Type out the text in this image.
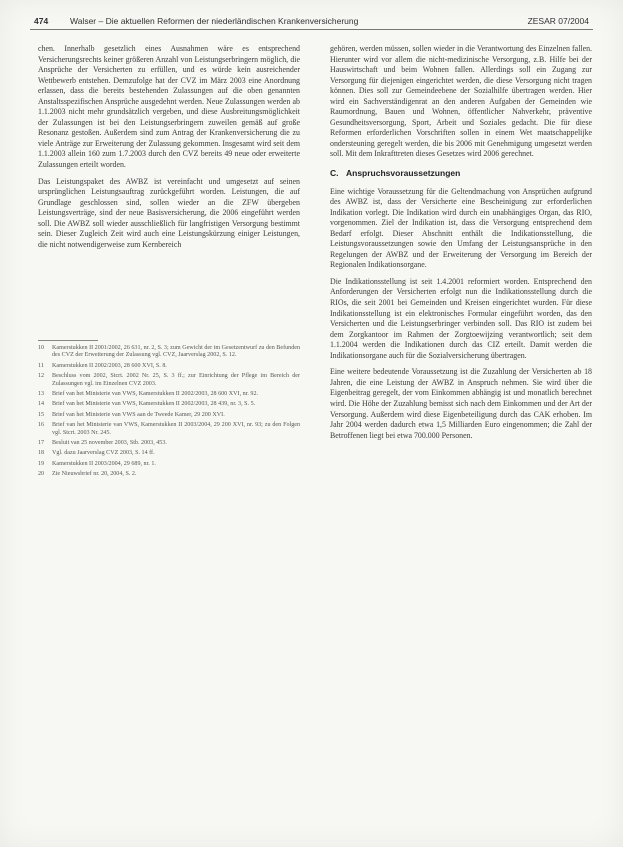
474	Walser – Die aktuellen Reformen der niederländischen Krankenversicherung	ZESAR 07/2004

chen. Innerhalb gesetzlich eines Ausnahmen wäre es entsprechend Versicherungsrechts keiner größeren Anzahl von Leistungserbringern möglich, die Ansprüche der Versicherten zu erfüllen, und es würde kein ausreichender Wettbewerb entstehen. Demzufolge hat der CVZ im März 2003 eine Anordnung erlassen, dass die bereits bestehenden Zulassungen auf die oben genannten Anstaltsspezifischen Ansprüche ausgedehnt werden. Neue Zulassungen werden ab 1.1.2003 nicht mehr grundsätzlich vergeben, und diese Ausbreitungsmöglichkeit der Zulassungen ist bei den Leistungserbringern zuweilen gemäß auf große Resonanz gestoßen. Außerdem sind zum Antrag der Krankenversicherung die zu viele Anträge zur Erweiterung der Zulassung gekommen. Insgesamt wird seit dem 1.1.2003 allein 160 zum 1.7.2003 durch den CVZ bereits 49 neue oder erweiterte Zulassungen erteilt worden.

Das Leistungspaket des AWBZ ist vereinfacht und umgesetzt auf seinen ursprünglichen Leistungsauftrag zurückgeführt worden. Leistungen, die auf Grundlage geschlossen sind, sollen wieder an die ZFW übergeben Leistungsverträge, sind der neue Basisversicherung, die 2006 eingeführt werden soll. Die AWBZ soll wieder ausschließlich für langfristigen Versorgung bestimmt sein. Dieser Zugleich Zeit wird auch eine Leistungskürzung einiger Leistungen, die nicht notwendigerweise zum Kernbereich

10 Kamerstukken II 2001/2002, 26 631, nr. 2, S. 3; zum Gewicht der im Gesetzentwurf zu den Befunden des CVZ der Erweiterung der Zulassung vgl. CVZ, Jaarverslag 2002, S. 12.
11 Kamerstukken II 2002/2003, 28 600 XVI, S. 8.
12 Beschluss vom 2002, Stcrt. 2002 Nr. 25, S. 3 ff.; zur Einrichtung der Pflege im Bereich der Zulassungen vgl. im Einzelnen CVZ 2003.
13 Brief van het Ministerie van VWS, Kamerstukken II 2002/2003, 28 600 XVI, nr. 92.
14 Brief van het Ministerie van VWS, Kamerstukken II 2002/2003, 28 439, nr. 3, S. 5.
15 Brief van het Ministerie van VWS aan de Tweede Kamer, 29 200 XVI.
16 Brief van het Ministerie van VWS, Kamerstukken II 2003/2004, 29 200 XVI, nr. 93; zu den Folgen vgl. Stcrt. 2003 Nr. 245.
17 Besluit van 25 november 2003, Stb. 2003, 453.
18 Vgl. dazu Jaarverslag CVZ 2003, S. 14 ff.
19 Kamerstukken II 2003/2004, 29 689, nr. 1.
20 Zie Nieuwsbrief nr. 20, 2004, S. 2.

gehören, werden müssen, sollen wieder in die Verantwortung des Einzelnen fallen. Hierunter wird vor allem die nicht-medizinische Versorgung, z.B. Hilfe bei der Hauswirtschaft und beim Wohnen fallen. Allerdings soll ein Zugang zur Versorgung für diejenigen eingerichtet werden, die diese Versorgung nicht tragen können. Dies soll zur Gemeindeebene der Sozialhilfe übertragen werden. Hier wird ein Sachverständigenrat an den anderen Aufgaben der Gemeinden wie Raumordnung, Bauen und Wohnen, öffentlicher Nahverkehr, präventive Gesundheitsversorgung, Sport, Arbeit und Soziales gedacht. Die für diese Reformen erforderlichen Vorschriften sollen in einem Wet maatschappelijke ondersteuning geregelt werden, die bis 2006 mit Genehmigung umgesetzt werden soll. Mit dem Inkrafttreten dieses Gesetzes wird 2006 gerechnet.

C. Anspruchsvoraussetzungen

Eine wichtige Voraussetzung für die Geltendmachung von Ansprüchen aufgrund des AWBZ ist, dass der Versicherte eine Bescheinigung zur erforderlichen Indikation vorlegt. Die Indikation wird durch ein unabhängiges Organ, das RIO, vorgenommen. Ziel der Indikation ist, dass die Versorgung entsprechend dem Bedarf erfolgt. Dieser Abschnitt enthält die Indikationsstellung, die Leistungsvoraussetzungen sowie den Umfang der Leistungsansprüche in den Regelungen der AWBZ und der Erweiterung der Versorgung im Bereich der Regionalen Indikationsorgane.

Die Indikationsstellung ist seit 1.4.2001 reformiert worden. Entsprechend den Anforderungen der Versicherten erfolgt nun die Indikationsstellung durch die RIOs, die seit 2001 bei Gemeinden und Kreisen eingerichtet wurden. Für diese Indikationsstellung ist ein elektronisches Formular eingeführt worden, das den Versicherten und die Leistungserbringer verbinden soll. Das RIO ist zudem bei dem Zorgkantoor im Rahmen der Zorgtoewijzing verantwortlich; seit dem 1.1.2004 werden die Indikationen durch das CIZ erteilt. Damit werden die Indikationsorgane auch für die Sozialversicherung übertragen.

Eine weitere bedeutende Voraussetzung ist die Zuzahlung der Versicherten ab 18 Jahren, die eine Leistung der AWBZ in Anspruch nehmen. Sie wird über die Eigenbeitrag geregelt, der vom Einkommen abhängig ist und monatlich berechnet wird. Die Höhe der Zuzahlung bemisst sich nach dem Einkommen und der Art der Versorgung. Außerdem wird diese Eigenbeteiligung durch das CAK erhoben. Im Jahr 2004 werden dadurch etwa 1,5 Milliarden Euro eingenommen; die Zahl der Betroffenen liegt bei etwa 700.000 Personen.
